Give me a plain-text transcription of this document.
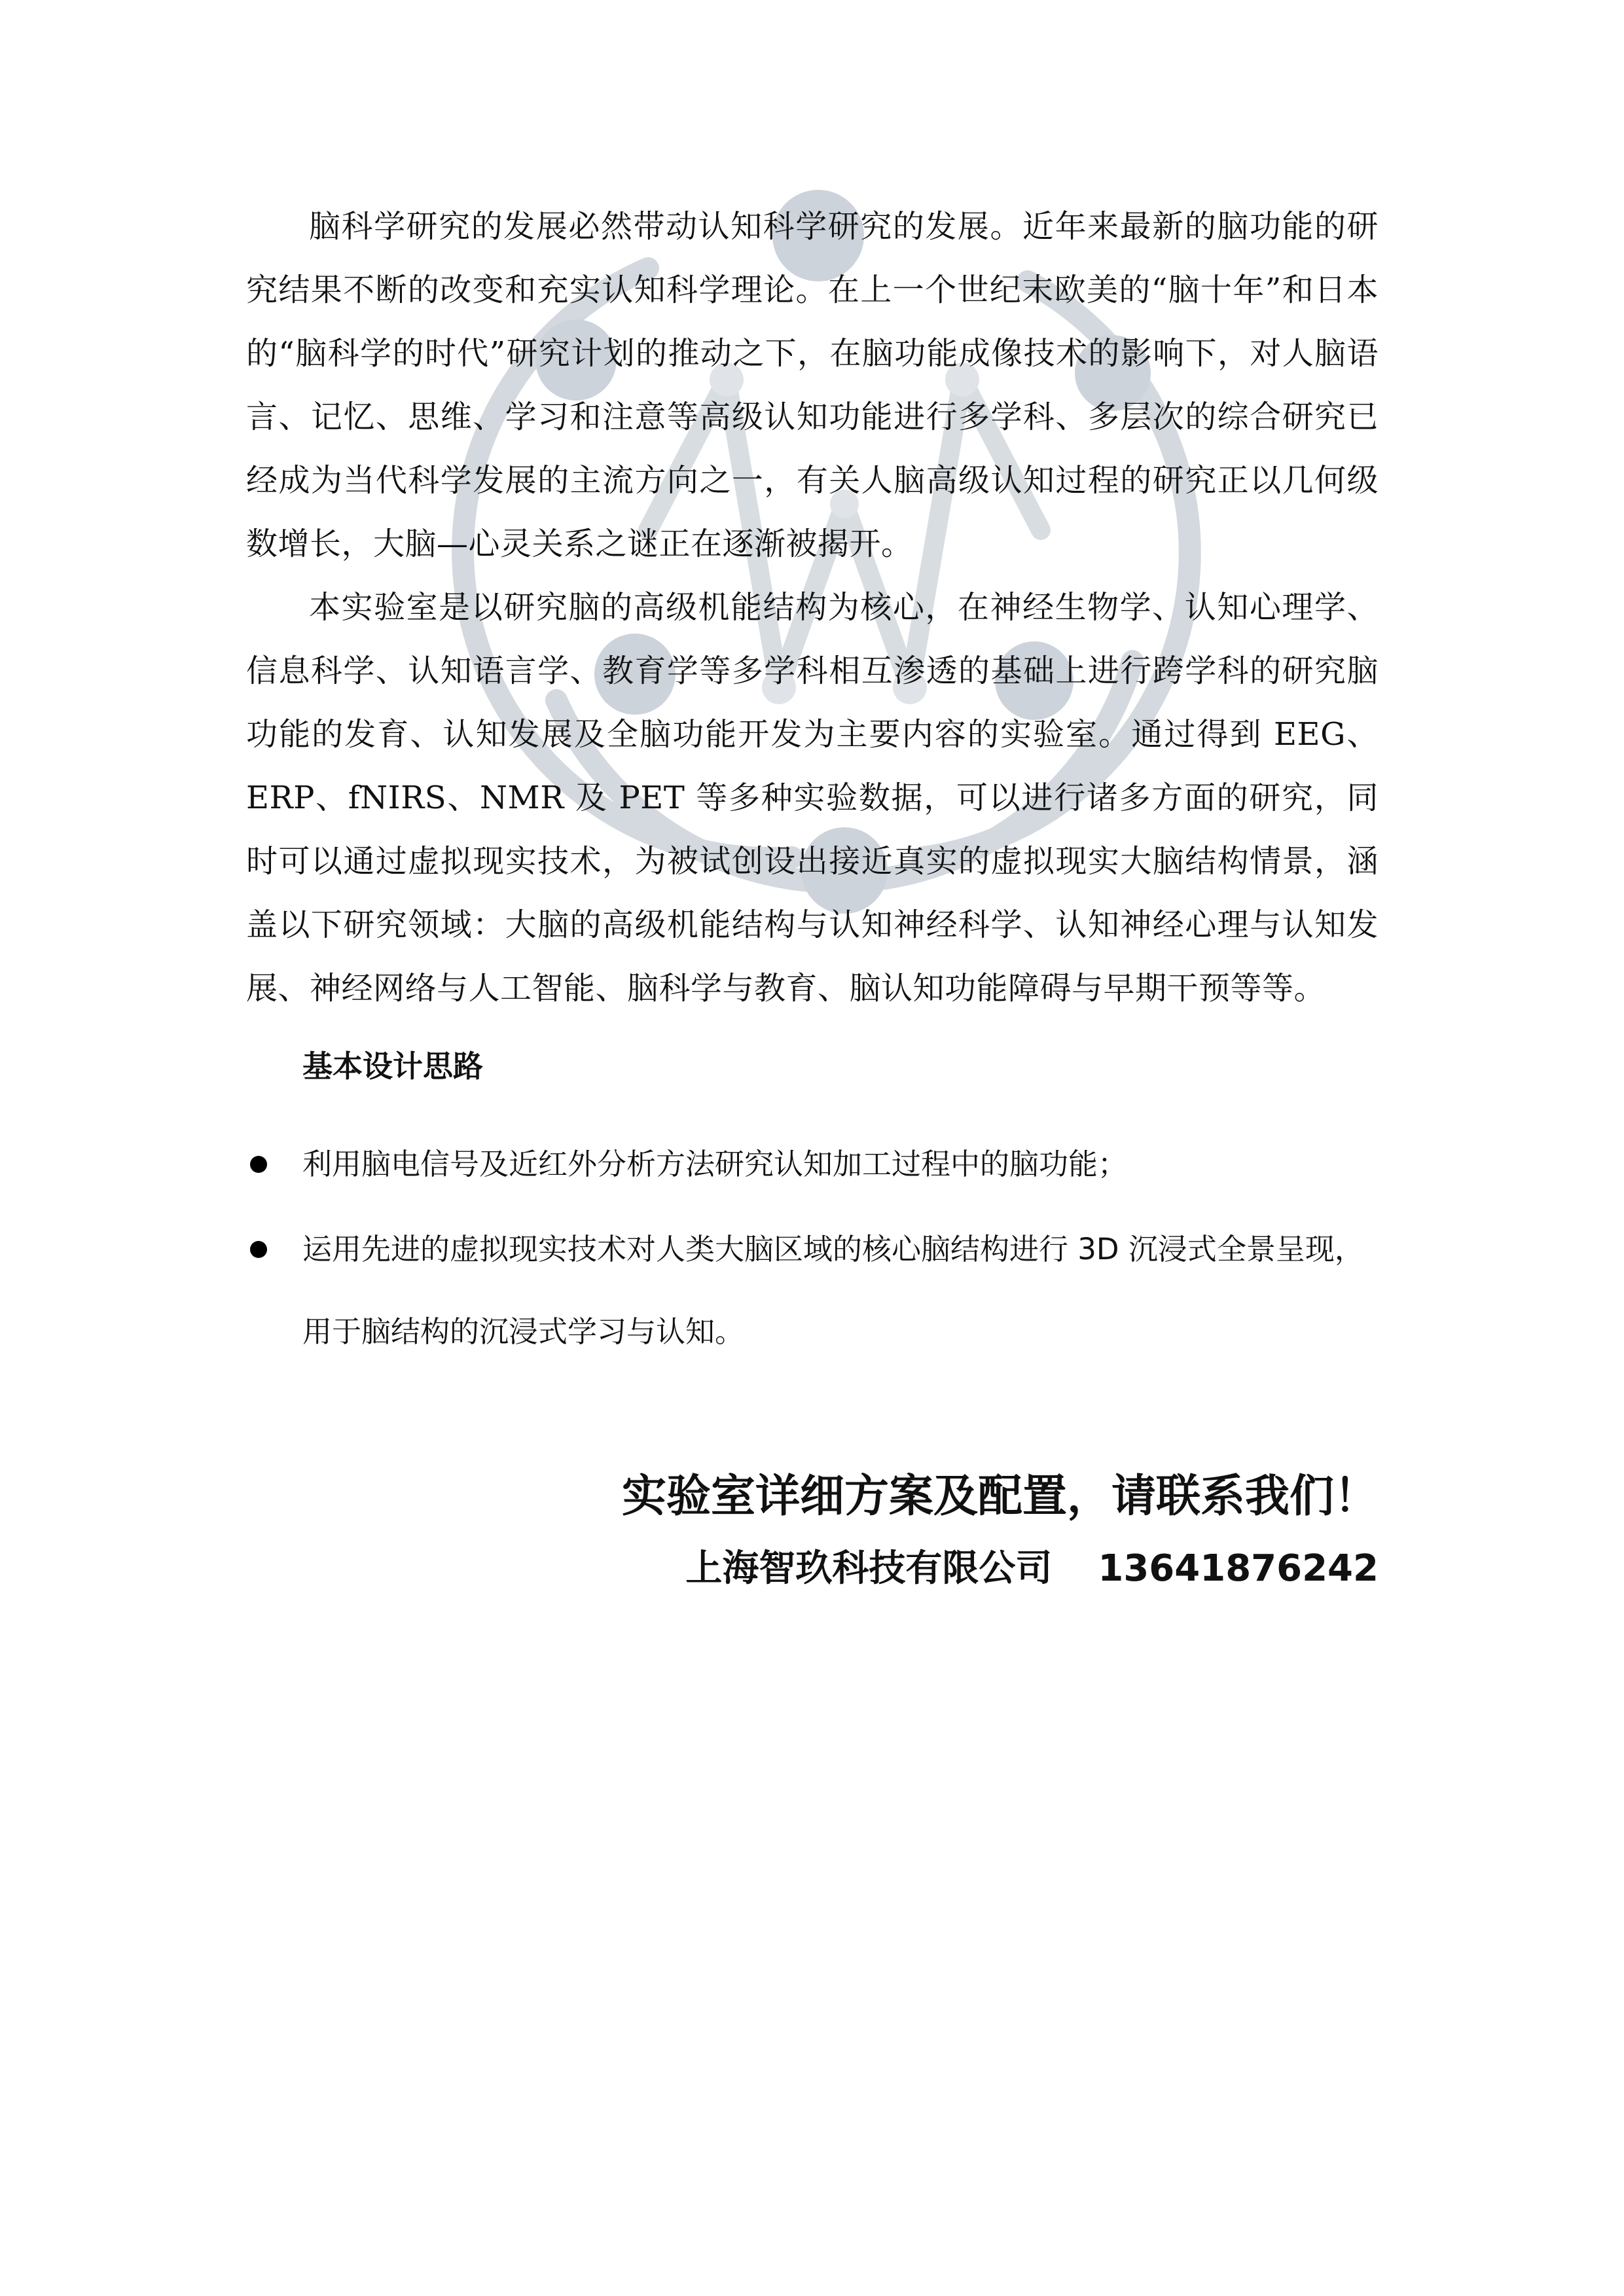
脑科学研究的发展必然带动认知科学研究的发展。近年来最新的脑功能的研究结果不断的改变和充实认知科学理论。在上一个世纪末欧美的“脑十年”和日本的“脑科学的时代”研究计划的推动之下，在脑功能成像技术的影响下，对人脑语言、记忆、思维、学习和注意等高级认知功能进行多学科、多层次的综合研究已经成为当代科学发展的主流方向之一，有关人脑高级认知过程的研究正以几何级数增长，大脑—心灵关系之谜正在逐渐被揭开。

本实验室是以研究脑的高级机能结构为核心，在神经生物学、认知心理学、信息科学、认知语言学、教育学等多学科相互渗透的基础上进行跨学科的研究脑功能的发育、认知发展及全脑功能开发为主要内容的实验室。通过得到 EEG、ERP、fNIRS、NMR 及 PET 等多种实验数据，可以进行诸多方面的研究，同时可以通过虚拟现实技术，为被试创设出接近真实的虚拟现实大脑结构情景，涵盖以下研究领域：大脑的高级机能结构与认知神经科学、认知神经心理与认知发展、神经网络与人工智能、脑科学与教育、脑认知功能障碍与早期干预等等。

基本设计思路

利用脑电信号及近红外分析方法研究认知加工过程中的脑功能；
运用先进的虚拟现实技术对人类大脑区域的核心脑结构进行 3D 沉浸式全景呈现，用于脑结构的沉浸式学习与认知。

实验室详细方案及配置，请联系我们！

上海智玖科技有限公司 13641876242
